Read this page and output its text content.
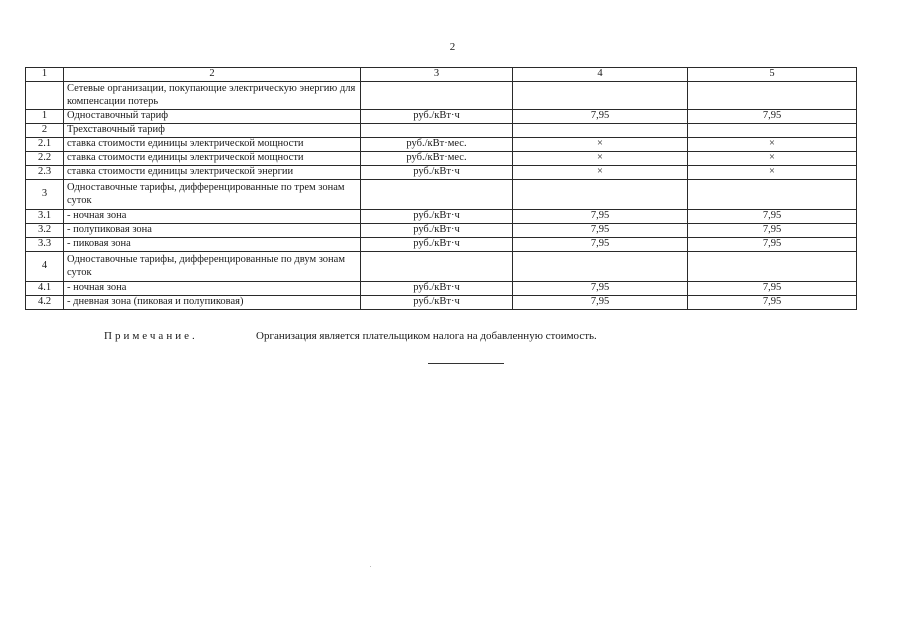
2
1	2	3	4	5
	Сетевые организации, покупающие электрическую энергию для компенсации потерь			
1	Одноставочный тариф	руб./кВт·ч	7,95	7,95
2	Трехставочный тариф			
2.1	ставка стоимости единицы электрической мощности	руб./кВт·мес.	×	×
2.2	ставка стоимости единицы электрической мощности	руб./кВт·мес.	×	×
2.3	ставка стоимости единицы электрической энергии	руб./кВт·ч	×	×
3	Одноставочные тарифы, дифференцированные по трем зонам суток			
3.1	- ночная зона	руб./кВт·ч	7,95	7,95
3.2	- полупиковая зона	руб./кВт·ч	7,95	7,95
3.3	- пиковая зона	руб./кВт·ч	7,95	7,95
4	Одноставочные тарифы, дифференцированные по двум зонам суток			
4.1	- ночная зона	руб./кВт·ч	7,95	7,95
4.2	- дневная зона (пиковая и полупиковая)	руб./кВт·ч	7,95	7,95
Примечание.	Организация является плательщиком налога на добавленную стоимость.
